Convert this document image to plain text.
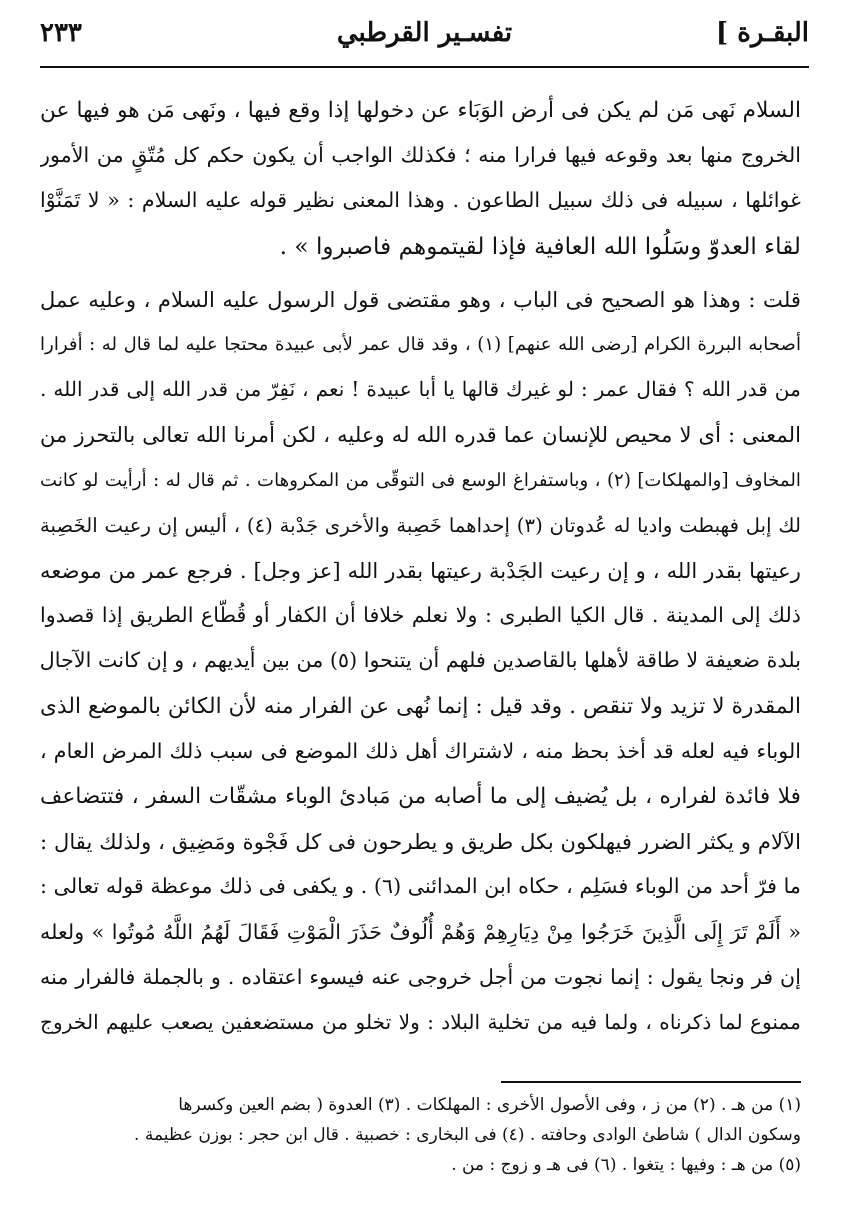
البقـرة ]
تفسـير القرطبي
٢٣٣
السلام نَهى مَن لم يكن فى أرض الوَبَاء عن دخولها إذا وقع فيها ، ونَهى مَن هو فيها عن
الخروج منها بعد وقوعه فيها فرارا منه ؛ فكذلك الواجب أن يكون حكم كل مُتّقٍ من الأمور
غوائلها ، سبيله فى ذلك سبيل الطاعون . وهذا المعنى نظير قوله عليه السلام : « لا تَمَنَّوْا
لقاء العدوّ وسَلُوا الله العافية فإذا لقيتموهم فاصبروا » .
قلت : وهذا هو الصحيح فى الباب ، وهو مقتضى قول الرسول عليه السلام ، وعليه عمل
أصحابه البررة الكرام [رضى الله عنهم] (١) ، وقد قال عمر لأبى عبيدة محتجا عليه لما قال له : أفرارا
من قدر الله ؟ فقال عمر : لو غيرك قالها يا أبا عبيدة ! نعم ، نَفِرّ من قدر الله إلى قدر الله .
المعنى : أى لا محيص للإنسان عما قدره الله له وعليه ، لكن أمرنا الله تعالى بالتحرز من
المخاوف [والمهلكات] (٢) ، وباستفراغ الوسع فى التوقّى من المكروهات . ثم قال له : أرأيت لو كانت
لك إبل فهبطت واديا له عُدوتان (٣) إحداهما خَصِبة والأخرى جَدْبة (٤) ، أليس إن رعيت الخَصِبة
رعيتها بقدر الله ، و إن رعيت الجَدْبة رعيتها بقدر الله [عز وجل] . فرجع عمر من موضعه
ذلك إلى المدينة . قال الكيا الطبرى : ولا نعلم خلافا أن الكفار أو قُطّاع الطريق إذا قصدوا
بلدة ضعيفة لا طاقة لأهلها بالقاصدين فلهم أن يتنحوا (٥) من بين أيديهم ، و إن كانت الآجال
المقدرة لا تزيد ولا تنقص . وقد قيل : إنما نُهى عن الفرار منه لأن الكائن بالموضع الذى
الوباء فيه لعله قد أخذ بحظ منه ، لاشتراك أهل ذلك الموضع فى سبب ذلك المرض العام ،
فلا فائدة لفراره ، بل يُضيف إلى ما أصابه من مَبادئ الوباء مشقّات السفر ، فتتضاعف
الآلام و يكثر الضرر فيهلكون بكل طريق و يطرحون فى كل فَجْوة ومَضِيق ، ولذلك يقال :
ما فرّ أحد من الوباء فسَلِم ، حكاه ابن المدائنى (٦) . و يكفى فى ذلك موعظة قوله تعالى :
« أَلَمْ تَرَ إِلَى الَّذِينَ خَرَجُوا مِنْ دِيَارِهِمْ وَهُمْ أُلُوفٌ حَذَرَ الْمَوْتِ فَقَالَ لَهُمُ اللَّهُ مُوتُوا » ولعله
إن فر ونجا يقول : إنما نجوت من أجل خروجى عنه فيسوء اعتقاده . و بالجملة فالفرار منه
ممنوع لما ذكرناه ، ولما فيه من تخلية البلاد : ولا تخلو من مستضعفين يصعب عليهم الخروج
(١) من هـ . (٢) من ز ، وفى الأصول الأخرى : المهلكات . (٣) العدوة ( بضم العين وكسرها
وسكون الدال ) شاطئ الوادى وحافته . (٤) فى البخارى : خصبية . قال ابن حجر : بوزن عظيمة .
(٥) من هـ : وفيها : يتغوا . (٦) فى هـ و زوج : من .
